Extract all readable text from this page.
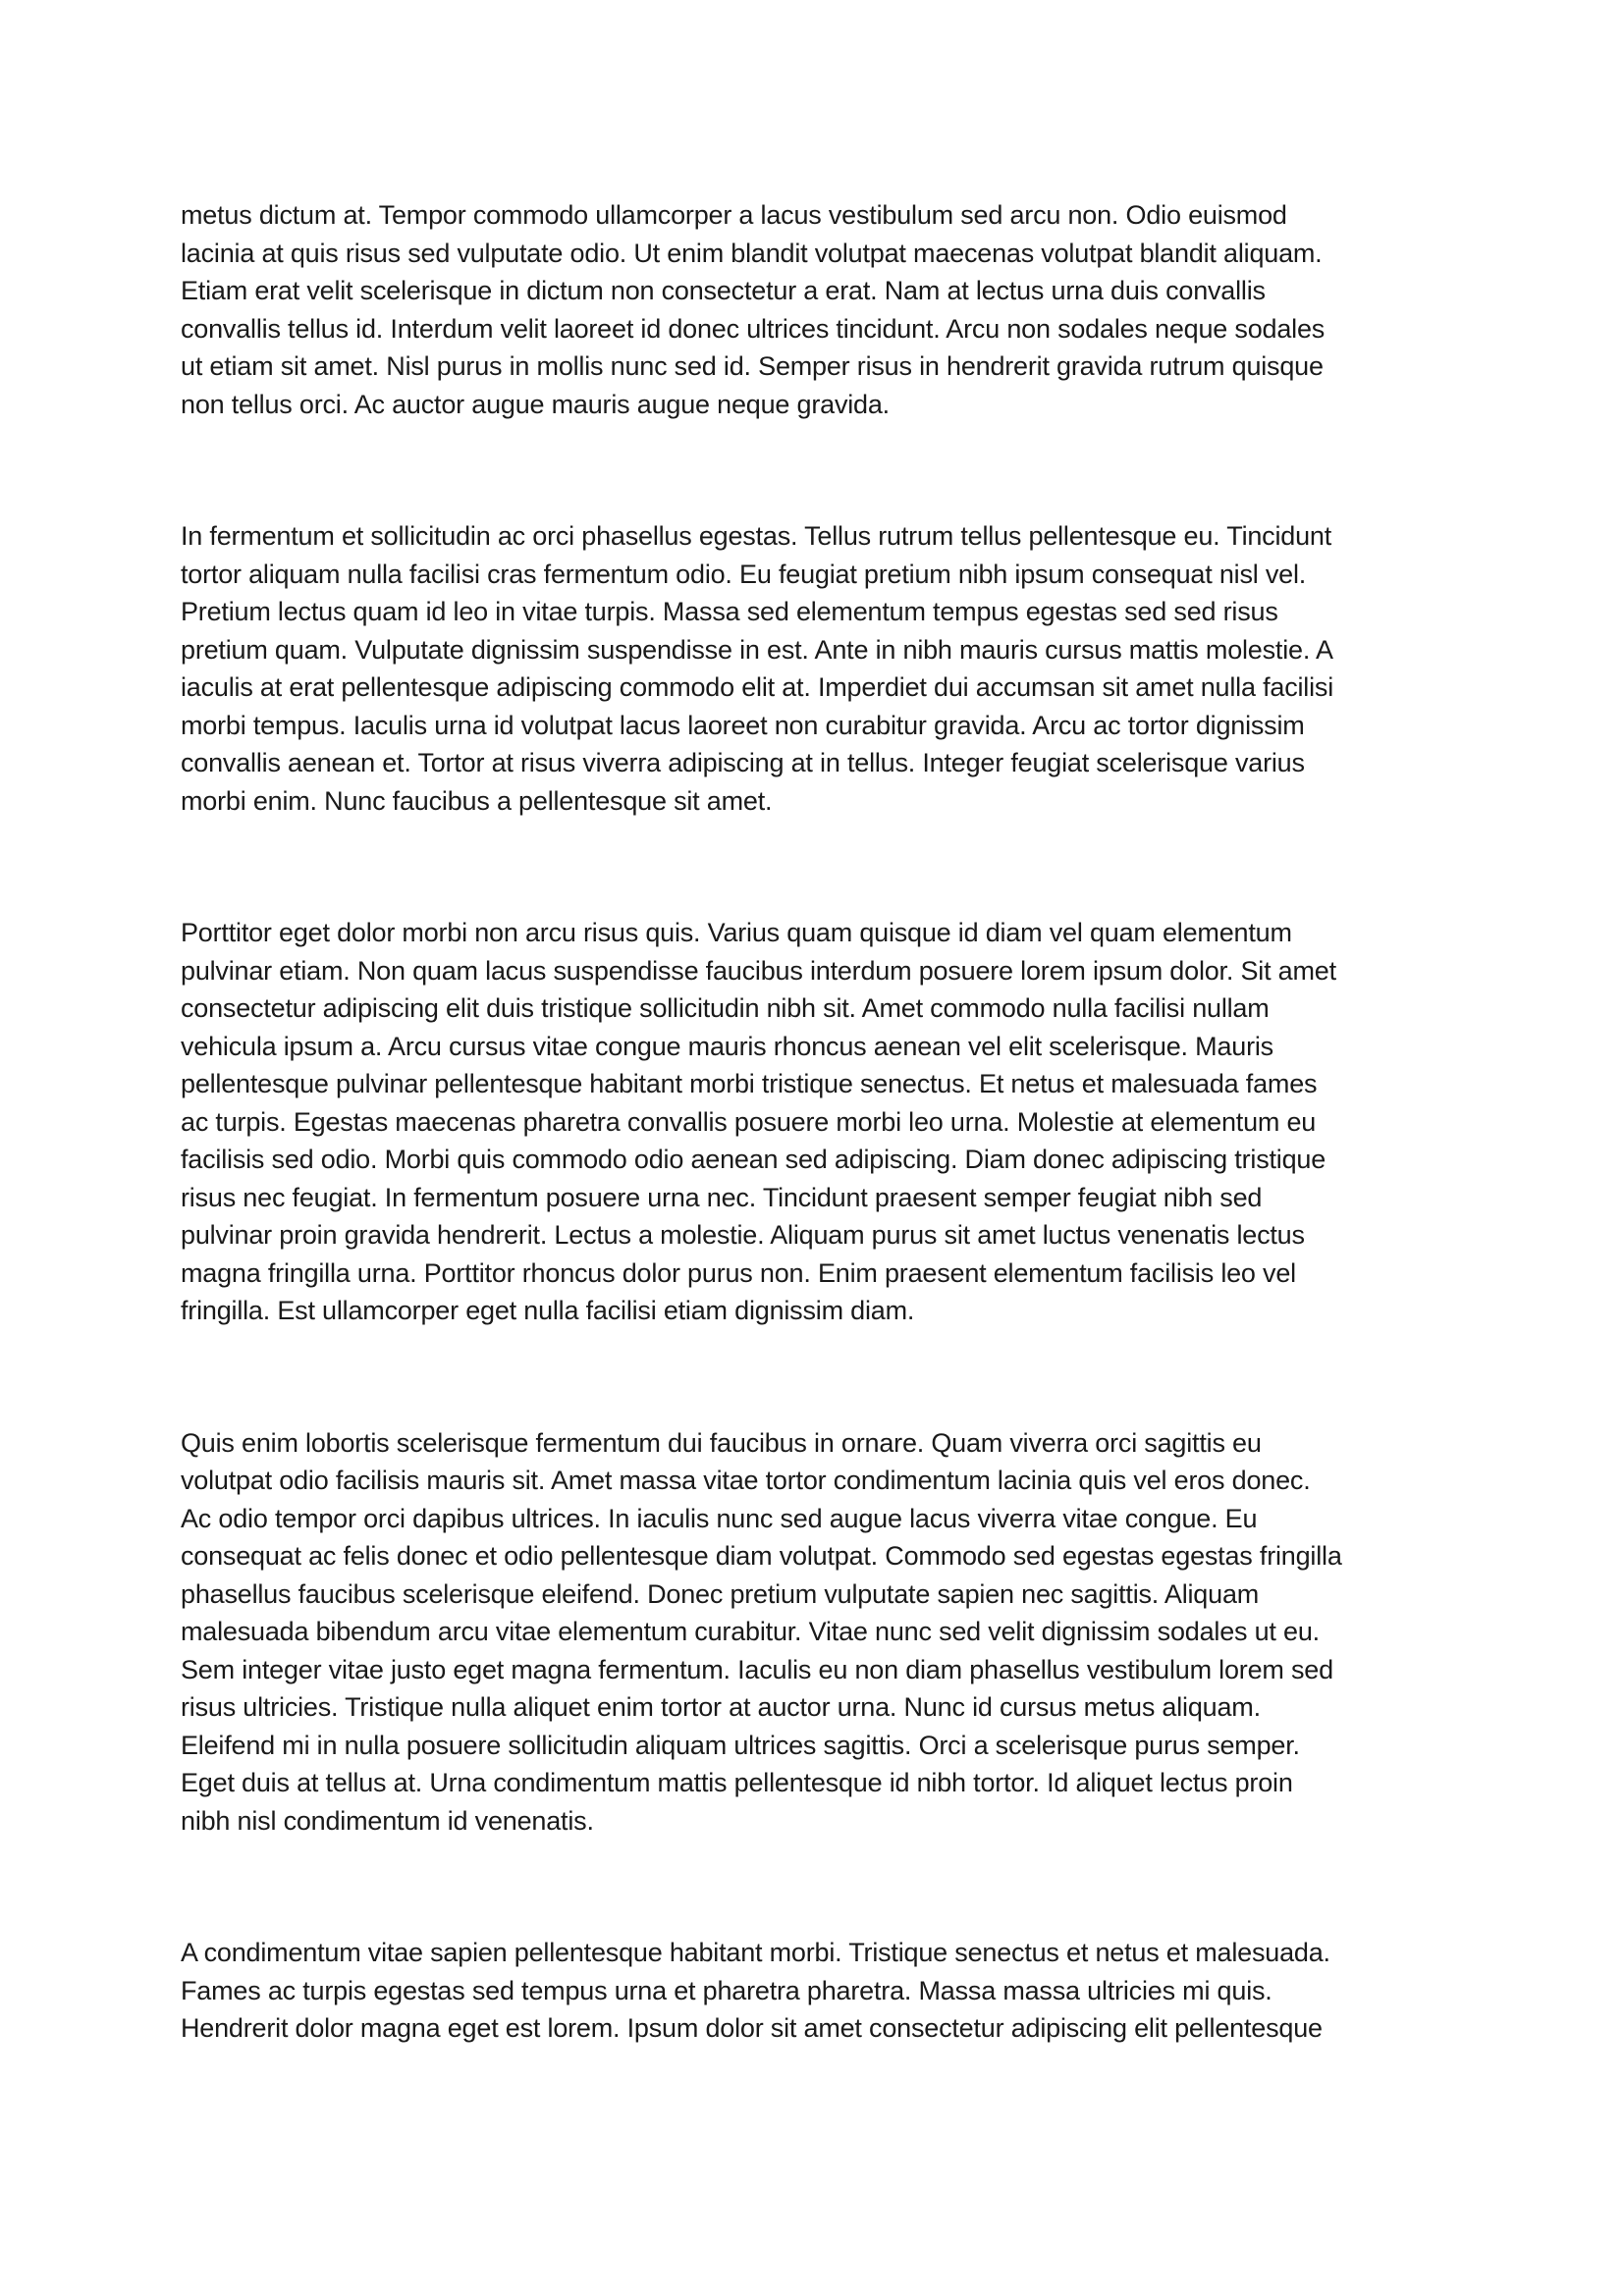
metus dictum at. Tempor commodo ullamcorper a lacus vestibulum sed arcu non. Odio euismod
lacinia at quis risus sed vulputate odio. Ut enim blandit volutpat maecenas volutpat blandit aliquam.
Etiam erat velit scelerisque in dictum non consectetur a erat. Nam at lectus urna duis convallis
convallis tellus id. Interdum velit laoreet id donec ultrices tincidunt. Arcu non sodales neque sodales
ut etiam sit amet. Nisl purus in mollis nunc sed id. Semper risus in hendrerit gravida rutrum quisque
non tellus orci. Ac auctor augue mauris augue neque gravida.

In fermentum et sollicitudin ac orci phasellus egestas. Tellus rutrum tellus pellentesque eu. Tincidunt
tortor aliquam nulla facilisi cras fermentum odio. Eu feugiat pretium nibh ipsum consequat nisl vel.
Pretium lectus quam id leo in vitae turpis. Massa sed elementum tempus egestas sed sed risus
pretium quam. Vulputate dignissim suspendisse in est. Ante in nibh mauris cursus mattis molestie. A
iaculis at erat pellentesque adipiscing commodo elit at. Imperdiet dui accumsan sit amet nulla facilisi
morbi tempus. Iaculis urna id volutpat lacus laoreet non curabitur gravida. Arcu ac tortor dignissim
convallis aenean et. Tortor at risus viverra adipiscing at in tellus. Integer feugiat scelerisque varius
morbi enim. Nunc faucibus a pellentesque sit amet.

Porttitor eget dolor morbi non arcu risus quis. Varius quam quisque id diam vel quam elementum
pulvinar etiam. Non quam lacus suspendisse faucibus interdum posuere lorem ipsum dolor. Sit amet
consectetur adipiscing elit duis tristique sollicitudin nibh sit. Amet commodo nulla facilisi nullam
vehicula ipsum a. Arcu cursus vitae congue mauris rhoncus aenean vel elit scelerisque. Mauris
pellentesque pulvinar pellentesque habitant morbi tristique senectus. Et netus et malesuada fames
ac turpis. Egestas maecenas pharetra convallis posuere morbi leo urna. Molestie at elementum eu
facilisis sed odio. Morbi quis commodo odio aenean sed adipiscing. Diam donec adipiscing tristique
risus nec feugiat. In fermentum posuere urna nec. Tincidunt praesent semper feugiat nibh sed
pulvinar proin gravida hendrerit. Lectus a molestie. Aliquam purus sit amet luctus venenatis lectus
magna fringilla urna. Porttitor rhoncus dolor purus non. Enim praesent elementum facilisis leo vel
fringilla. Est ullamcorper eget nulla facilisi etiam dignissim diam.

Quis enim lobortis scelerisque fermentum dui faucibus in ornare. Quam viverra orci sagittis eu
volutpat odio facilisis mauris sit. Amet massa vitae tortor condimentum lacinia quis vel eros donec.
Ac odio tempor orci dapibus ultrices. In iaculis nunc sed augue lacus viverra vitae congue. Eu
consequat ac felis donec et odio pellentesque diam volutpat. Commodo sed egestas egestas fringilla
phasellus faucibus scelerisque eleifend. Donec pretium vulputate sapien nec sagittis. Aliquam
malesuada bibendum arcu vitae elementum curabitur. Vitae nunc sed velit dignissim sodales ut eu.
Sem integer vitae justo eget magna fermentum. Iaculis eu non diam phasellus vestibulum lorem sed
risus ultricies. Tristique nulla aliquet enim tortor at auctor urna. Nunc id cursus metus aliquam.
Eleifend mi in nulla posuere sollicitudin aliquam ultrices sagittis. Orci a scelerisque purus semper.
Eget duis at tellus at. Urna condimentum mattis pellentesque id nibh tortor. Id aliquet lectus proin
nibh nisl condimentum id venenatis.

A condimentum vitae sapien pellentesque habitant morbi. Tristique senectus et netus et malesuada.
Fames ac turpis egestas sed tempus urna et pharetra pharetra. Massa massa ultricies mi quis.
Hendrerit dolor magna eget est lorem. Ipsum dolor sit amet consectetur adipiscing elit pellentesque
